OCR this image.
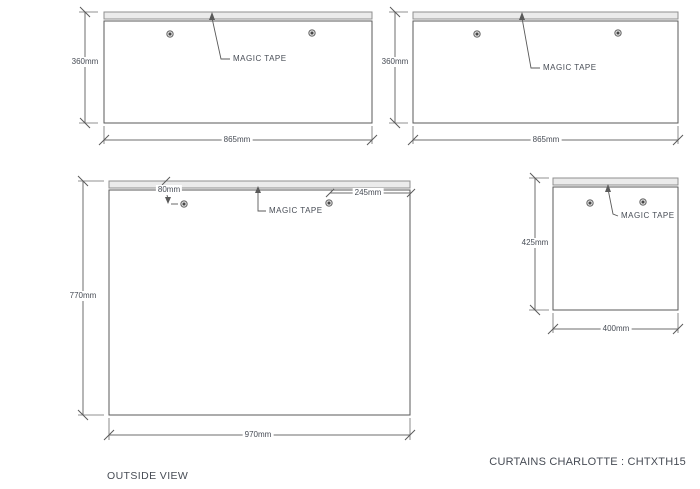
360mm
865mm
MAGIC TAPE	360mm
865mm
MAGIC TAPE
770mm
970mm
MAGIC TAPE
80mm	245mm
425mm
400mm
MAGIC TAPE
OUTSIDE VIEW
CURTAINS CHARLOTTE : CHTXTH15
